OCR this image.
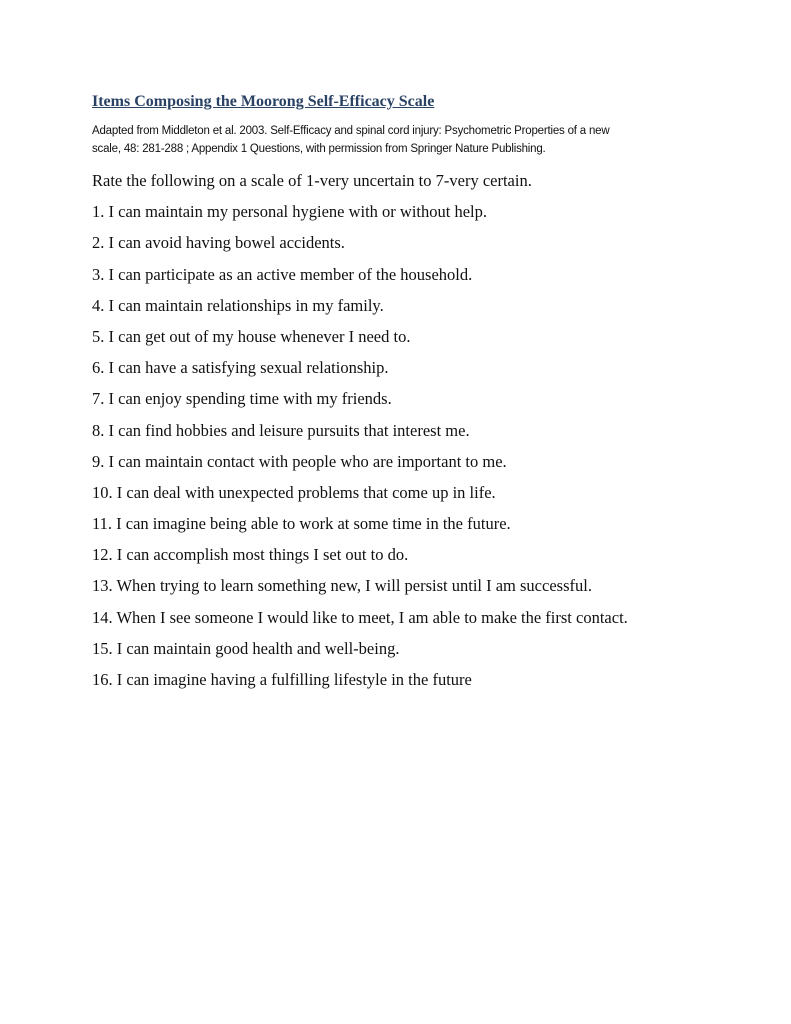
Items Composing the Moorong Self-Efficacy Scale
Adapted from Middleton et al. 2003. Self-Efficacy and spinal cord injury: Psychometric Properties of a new
scale, 48: 281-288 ; Appendix 1 Questions, with permission from Springer Nature Publishing.
Rate the following on a scale of 1-very uncertain to 7-very certain.
1. I can maintain my personal hygiene with or without help.
2. I can avoid having bowel accidents.
3. I can participate as an active member of the household.
4. I can maintain relationships in my family.
5. I can get out of my house whenever I need to.
6. I can have a satisfying sexual relationship.
7. I can enjoy spending time with my friends.
8. I can find hobbies and leisure pursuits that interest me.
9. I can maintain contact with people who are important to me.
10. I can deal with unexpected problems that come up in life.
11. I can imagine being able to work at some time in the future.
12. I can accomplish most things I set out to do.
13. When trying to learn something new, I will persist until I am successful.
14. When I see someone I would like to meet, I am able to make the first contact.
15. I can maintain good health and well-being.
16. I can imagine having a fulfilling lifestyle in the future
